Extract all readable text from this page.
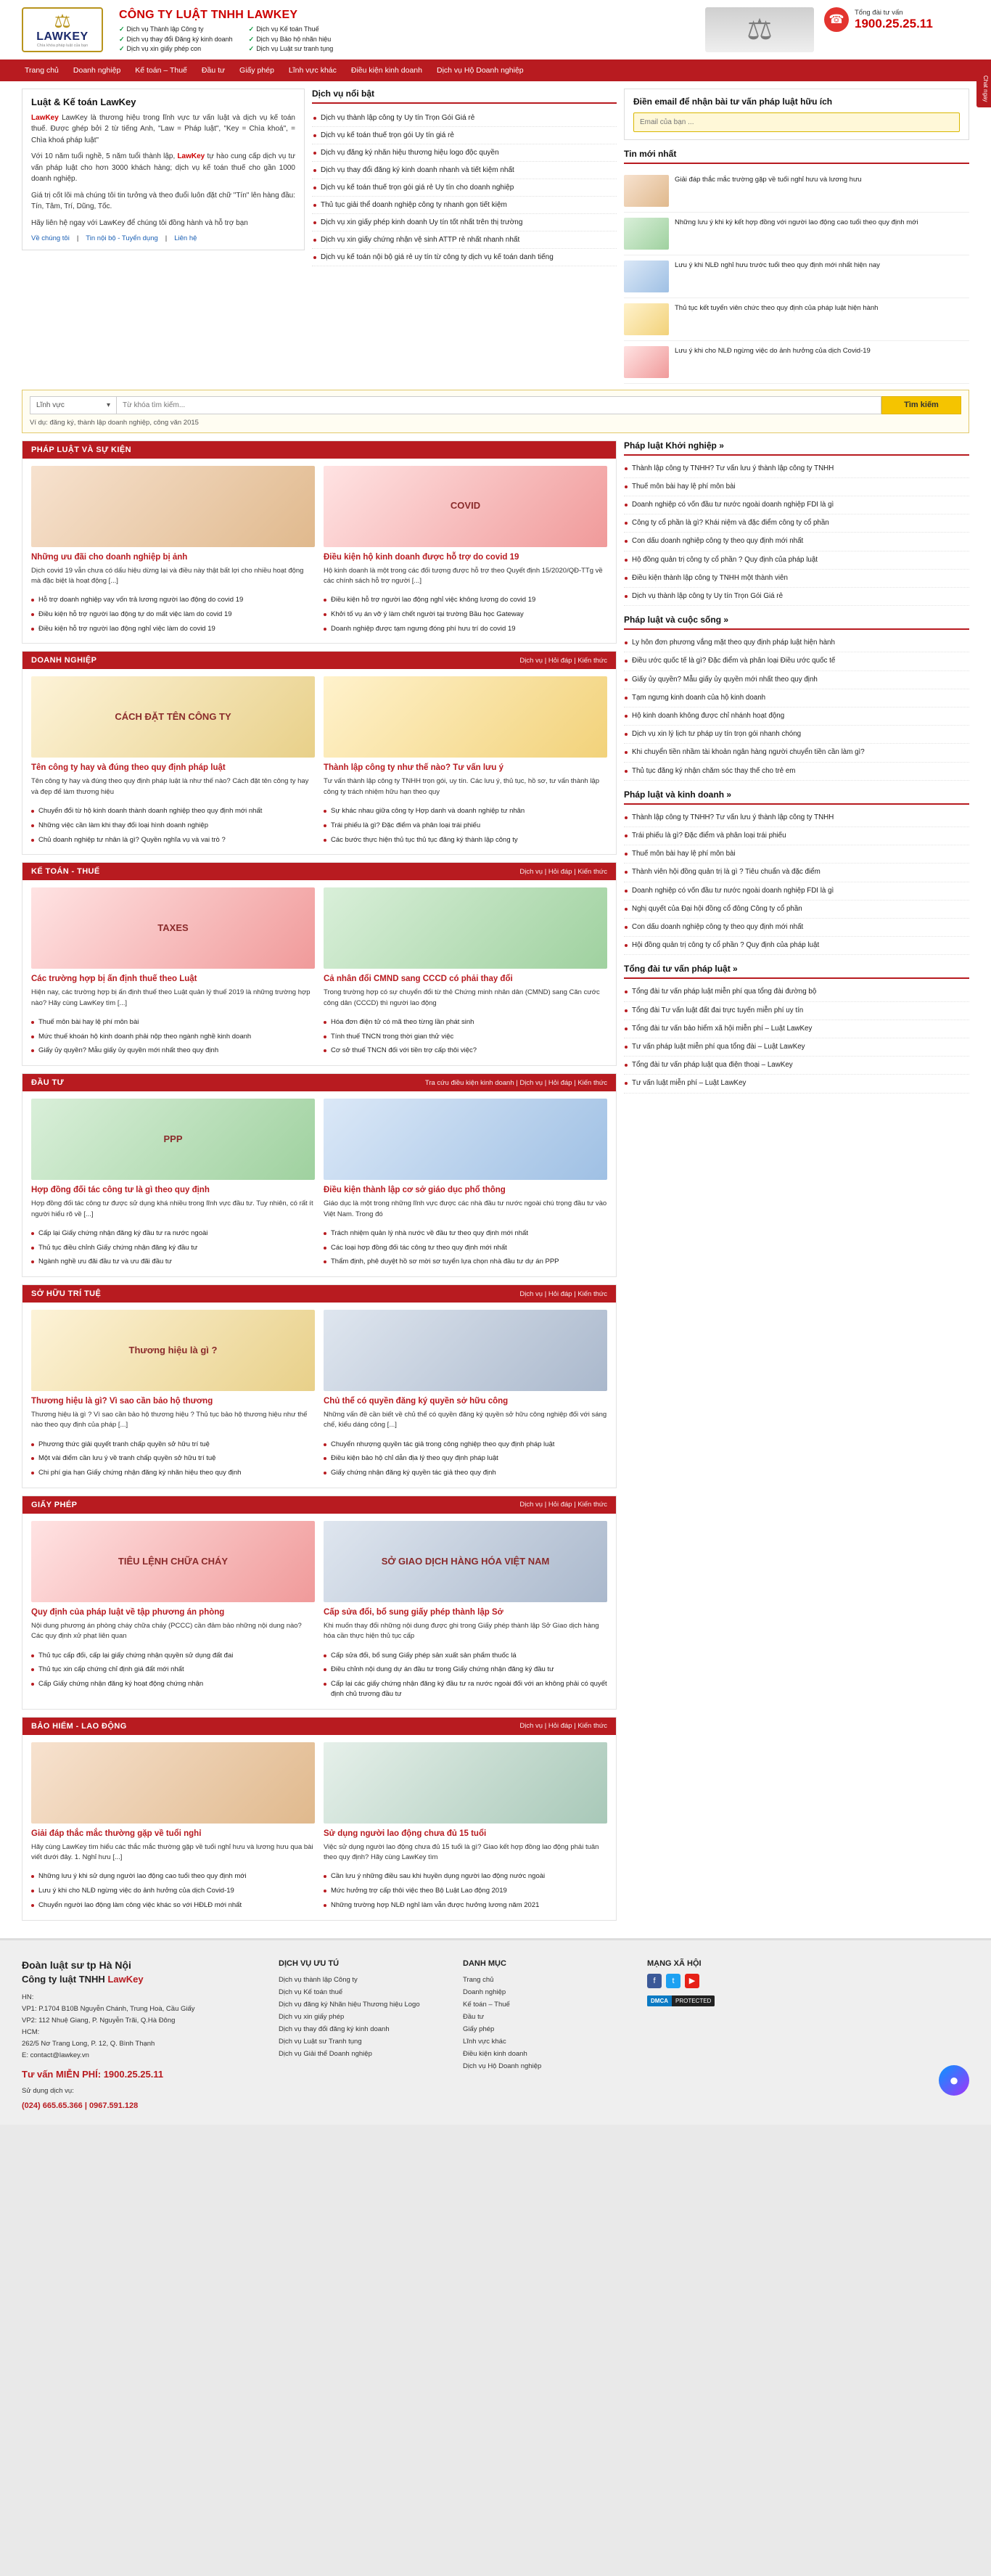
⚖
LAWKEY
Chìa khóa pháp luật của bạn
CÔNG TY LUẬT TNHH LAWKEY
✓ Dịch vụ Thành lập Công ty
✓ Dịch vụ thay đổi Đăng ký kinh doanh
✓ Dịch vụ xin giấy phép con
✓ Dịch vụ Kế toán Thuế
✓ Dịch vụ Bảo hộ nhãn hiệu
✓ Dịch vụ Luật sư tranh tụng
⚖
☎	Tổng đài tư vấn
1900.25.25.11
Trang chủ	Doanh nghiệp	Kế toán – Thuế	Đầu tư	Giấy phép	Lĩnh vực khác	Điều kiện kinh doanh	Dịch vụ Hộ Doanh nghiệp
Chat ngay
Luật & Kế toán LawKey

LawKey LawKey là thương hiệu trong lĩnh vực tư vấn luật và dịch vụ kế toán thuế. Được ghép bởi 2 từ tiếng Anh, "Law = Pháp luật", "Key = Chìa khoá", = Chìa khoá pháp luật"

Với 10 năm tuổi nghề, 5 năm tuổi thành lập, LawKey tự hào cung cấp dịch vụ tư vấn pháp luật cho hơn 3000 khách hàng; dịch vụ kế toán thuế cho gần 1000 doanh nghiệp.

Giá trị cốt lõi mà chúng tôi tin tưởng và theo đuổi luôn đặt chữ "Tín" lên hàng đầu: Tín, Tâm, Trí, Dũng, Tốc.

Hãy liên hệ ngay với LawKey để chúng tôi đồng hành và hỗ trợ bạn

Về chúng tôi | Tin nội bộ - Tuyển dụng | Liên hệ
Dịch vụ nổi bật
Dịch vụ thành lập công ty Uy tín Trọn Gói Giá rẻ
Dịch vụ kế toán thuế trọn gói Uy tín giá rẻ
Dịch vụ đăng ký nhãn hiệu thương hiệu logo độc quyền
Dịch vụ thay đổi đăng ký kinh doanh nhanh và tiết kiệm nhất
Dịch vụ kế toán thuế trọn gói giá rẻ Uy tín cho doanh nghiệp
Thủ tục giải thể doanh nghiệp công ty nhanh gọn tiết kiệm
Dịch vụ xin giấy phép kinh doanh Uy tín tốt nhất trên thị trường
Dịch vụ xin giấy chứng nhận vệ sinh ATTP rẻ nhất nhanh nhất
Dịch vụ kế toán nội bộ giá rẻ uy tín từ công ty dịch vụ kế toán danh tiếng
Điền email để nhận bài tư vấn pháp luật hữu ích
Email của bạn ...
Tin mới nhất
Giải đáp thắc mắc trường gặp về tuổi nghỉ hưu và lương hưu
Những lưu ý khi ký kết hợp đồng với người lao động cao tuổi theo quy định mới
Lưu ý khi NLĐ nghỉ hưu trước tuổi theo quy định mới nhất hiện nay
Thủ tục kết tuyển viên chức theo quy định của pháp luật hiện hành
Lưu ý khi cho NLĐ ngừng việc do ảnh hưởng của dịch Covid-19
Lĩnh vực	▾
Từ khóa tìm kiếm...	Tìm kiếm
Ví dụ: đăng ký, thành lập doanh nghiệp, công văn 2015
PHÁP LUẬT VÀ SỰ KIỆN
Những ưu đãi cho doanh nghiệp bị ảnh
Dịch covid 19 vẫn chưa có dấu hiệu dừng lại và điều này thật bất lợi cho nhiều hoạt động mà đặc biệt là hoạt động [...]
COVID
Điều kiện hộ kinh doanh được hỗ trợ do covid 19
Hộ kinh doanh là một trong các đối tượng được hỗ trợ theo Quyết định 15/2020/QĐ-TTg về các chính sách hỗ trợ người [...]
Hỗ trợ doanh nghiệp vay vốn trả lương người lao động do covid 19
Điều kiện hỗ trợ người lao động tự do mất việc làm do covid 19
Điều kiện hỗ trợ người lao động nghỉ việc làm do covid 19
Điều kiện hỗ trợ người lao động nghỉ việc không lương do covid 19
Khởi tố vụ án vỡ ý làm chết người tại trường Bầu học Gateway
Doanh nghiệp được tạm ngưng đóng phí hưu trí do covid 19
DOANH NGHIỆP	Dịch vụ | Hỏi đáp | Kiến thức
CÁCH ĐẶT TÊN CÔNG TY
Tên công ty hay và đúng theo quy định pháp luật
Tên công ty hay và đúng theo quy định pháp luật là như thế nào? Cách đặt tên công ty hay và đẹp để làm thương hiệu
Thành lập công ty như thế nào? Tư vấn lưu ý
Tư vấn thành lập công ty TNHH trọn gói, uy tín. Các lưu ý, thủ tục, hồ sơ, tư vấn thành lập công ty trách nhiệm hữu hạn theo quy
Chuyển đổi từ hộ kinh doanh thành doanh nghiệp theo quy định mới nhất
Những việc cần làm khi thay đổi loại hình doanh nghiệp
Chủ doanh nghiệp tư nhân là gì? Quyền nghĩa vụ và vai trò ?
Sự khác nhau giữa công ty Hợp danh và doanh nghiệp tư nhân
Trái phiếu là gì? Đặc điểm và phân loại trái phiếu
Các bước thực hiện thủ tục thủ tục đăng ký thành lập công ty
KẾ TOÁN - THUẾ	Dịch vụ | Hỏi đáp | Kiến thức
TAXES
Các trường hợp bị ấn định thuế theo Luật
Hiện nay, các trường hợp bị ấn định thuế theo Luật quản lý thuế 2019 là những trường hợp nào? Hãy cùng LawKey tìm [...]
Cả nhân đổi CMND sang CCCD có phải thay đổi
Trong trường hợp có sự chuyển đổi từ thẻ Chứng minh nhân dân (CMND) sang Căn cước công dân (CCCD) thì người lao động
Thuế môn bài hay lệ phí môn bài
Mức thuế khoán hộ kinh doanh phải nộp theo ngành nghề kinh doanh
Giấy ủy quyền? Mẫu giấy ủy quyền mới nhất theo quy định
Hóa đơn điện tử có mã theo từng lần phát sinh
Tính thuế TNCN trong thời gian thử việc
Cơ sở thuế TNCN đối với tiền trợ cấp thôi việc?
ĐẦU TƯ	Tra cứu điều kiện kinh doanh | Dịch vụ | Hỏi đáp | Kiến thức
PPP
Hợp đồng đối tác công tư là gì theo quy định
Hợp đồng đối tác công tư được sử dụng khá nhiều trong lĩnh vực đầu tư. Tuy nhiên, có rất ít người hiểu rõ về [...]
Điều kiện thành lập cơ sở giáo dục phổ thông
Giáo dục là một trong những lĩnh vực được các nhà đầu tư nước ngoài chú trọng đầu tư vào Việt Nam. Trong đó
Cấp lại Giấy chứng nhận đăng ký đầu tư ra nước ngoài
Thủ tục điều chỉnh Giấy chứng nhận đăng ký đầu tư
Ngành nghề ưu đãi đầu tư và ưu đãi đầu tư
Trách nhiệm quản lý nhà nước về đầu tư theo quy định mới nhất
Các loại hợp đồng đối tác công tư theo quy định mới nhất
Thẩm định, phê duyệt hồ sơ mời sơ tuyển lựa chọn nhà đầu tư dự án PPP
SỞ HỮU TRÍ TUỆ	Dịch vụ | Hỏi đáp | Kiến thức
Thương hiệu là gì ?
Thương hiệu là gì? Vì sao cần bảo hộ thương
Thương hiệu là gì ? Vì sao cần bảo hộ thương hiệu ? Thủ tục bảo hộ thương hiệu như thế nào theo quy định của pháp [...]
Chủ thể có quyền đăng ký quyền sở hữu công
Những vấn đề cần biết về chủ thể có quyền đăng ký quyền sở hữu công nghiệp đối với sáng chế, kiểu dáng công [...]
Phương thức giải quyết tranh chấp quyền sở hữu trí tuệ
Một vài điểm cần lưu ý về tranh chấp quyền sở hữu trí tuệ
Chi phí gia hạn Giấy chứng nhận đăng ký nhãn hiệu theo quy định
Chuyển nhượng quyền tác giả trong công nghiệp theo quy định pháp luật
Điều kiện bảo hộ chỉ dẫn địa lý theo quy định pháp luật
Giấy chứng nhận đăng ký quyền tác giả theo quy định
GIẤY PHÉP	Dịch vụ | Hỏi đáp | Kiến thức
TIÊU LỆNH CHỮA CHÁY
Quy định của pháp luật về tập phương án phòng
Nội dung phương án phòng cháy chữa cháy (PCCC) cần đảm bảo những nội dung nào? Các quy định xử phạt liên quan
SỞ GIAO DỊCH HÀNG HÓA VIỆT NAM
Cấp sửa đổi, bổ sung giấy phép thành lập Sở
Khi muốn thay đổi những nội dung được ghi trong Giấy phép thành lập Sở Giao dịch hàng hóa cần thực hiện thủ tục cấp
Thủ tục cấp đổi, cấp lại giấy chứng nhận quyền sử dụng đất đai
Thủ tục xin cấp chứng chỉ định giá đất mới nhất
Cấp Giấy chứng nhận đăng ký hoạt động chứng nhận
Cấp sửa đổi, bổ sung Giấy phép sản xuất sản phẩm thuốc lá
Điều chỉnh nội dung dự án đầu tư trong Giấy chứng nhận đăng ký đầu tư
Cấp lại các giấy chứng nhận đăng ký đầu tư ra nước ngoài đối với an không phải có quyết định chủ trương đầu tư
BẢO HIỂM - LAO ĐỘNG	Dịch vụ | Hỏi đáp | Kiến thức
Giải đáp thắc mắc thường gặp về tuổi nghỉ
Hãy cùng LawKey tìm hiểu các thắc mắc thường gặp về tuổi nghỉ hưu và lương hưu qua bài viết dưới đây. 1. Nghỉ hưu [...]
Sử dụng người lao động chưa đủ 15 tuổi
Việc sử dụng người lao động chưa đủ 15 tuổi là gì? Giao kết hợp đồng lao động phải tuân theo quy định? Hãy cùng LawKey tìm
Những lưu ý khi sử dụng người lao động cao tuổi theo quy định mới
Lưu ý khi cho NLĐ ngừng việc do ảnh hưởng của dịch Covid-19
Chuyển người lao động làm công việc khác so với HĐLĐ mới nhất
Cần lưu ý những điều sau khi huyền dụng người lao động nước ngoài
Mức hưởng trợ cấp thôi việc theo Bộ Luật Lao động 2019
Những trường hợp NLĐ nghỉ làm vẫn được hưởng lương năm 2021
Pháp luật Khởi nghiệp »
Thành lập công ty TNHH? Tư vấn lưu ý thành lập công ty TNHH
Thuế môn bài hay lệ phí môn bài
Doanh nghiệp có vốn đầu tư nước ngoài doanh nghiệp FDI là gì
Công ty cổ phần là gì? Khái niệm và đặc điểm công ty cổ phần
Con dấu doanh nghiệp công ty theo quy định mới nhất
Hộ đồng quản trị công ty cổ phần ? Quy định của pháp luật
Điều kiện thành lập công ty TNHH một thành viên
Dịch vụ thành lập công ty Uy tín Trọn Gói Giá rẻ
Pháp luật và cuộc sống »
Ly hôn đơn phương vắng mặt theo quy định pháp luật hiện hành
Điều ước quốc tế là gì? Đặc điểm và phân loại Điều ước quốc tế
Giấy ủy quyền? Mẫu giấy ủy quyền mới nhất theo quy định
Tạm ngưng kinh doanh của hộ kinh doanh
Hộ kinh doanh không được chỉ nhánh hoạt động
Dịch vụ xin lý lịch tư pháp uy tín trọn gói nhanh chóng
Khi chuyển tiền nhầm tài khoản ngân hàng người chuyển tiền cần làm gì?
Thủ tục đăng ký nhận chăm sóc thay thế cho trẻ em
Pháp luật và kinh doanh »
Thành lập công ty TNHH? Tư vấn lưu ý thành lập công ty TNHH
Trái phiếu là gì? Đặc điểm và phân loại trái phiếu
Thuế môn bài hay lệ phí môn bài
Thành viên hội đồng quản trị là gì ? Tiêu chuẩn và đặc điểm
Doanh nghiệp có vốn đầu tư nước ngoài doanh nghiệp FDI là gì
Nghị quyết của Đại hội đồng cổ đông Công ty cổ phần
Con dấu doanh nghiệp công ty theo quy định mới nhất
Hội đồng quản trị công ty cổ phần ? Quy định của pháp luật
Tổng đài tư vấn pháp luật »
Tổng đài tư vấn pháp luật miễn phí qua tổng đài đường bộ
Tổng đài Tư vấn luật đất đai trực tuyến miễn phí uy tín
Tổng đài tư vấn bảo hiểm xã hội miễn phí – Luật LawKey
Tư vấn pháp luật miễn phí qua tổng đài – Luật LawKey
Tổng đài tư vấn pháp luật qua điện thoại – LawKey
Tư vấn luật miễn phí – Luật LawKey
Đoàn luật sư tp Hà Nội
Công ty luật TNHH LawKey
HN:
VP1: P.1704 B10B Nguyễn Chánh, Trung Hoà, Cầu Giấy
VP2: 112 Nhuệ Giang, P. Nguyễn Trãi, Q.Hà Đông
HCM:
262/5 Nơ Trang Long, P. 12, Q. Bình Thạnh
E: contact@lawkey.vn
Tư vấn MIỄN PHÍ: 1900.25.25.11
Sử dụng dịch vụ:
(024) 665.65.366 | 0967.591.128
DỊCH VỤ ƯU TÚ
Dịch vụ thành lập Công ty
Dịch vụ Kế toán thuế
Dịch vụ đăng ký Nhãn hiệu Thương hiệu Logo
Dịch vụ xin giấy phép
Dịch vụ thay đổi đăng ký kinh doanh
Dịch vụ Luật sư Tranh tụng
Dịch vụ Giải thể Doanh nghiệp
DANH MỤC
Trang chủ
Doanh nghiệp
Kế toán – Thuế
Đầu tư
Giấy phép
Lĩnh vực khác
Điều kiện kinh doanh
Dịch vụ Hộ Doanh nghiệp
MẠNG XÃ HỘI
f	t	▶
DMCA	PROTECTED
●
